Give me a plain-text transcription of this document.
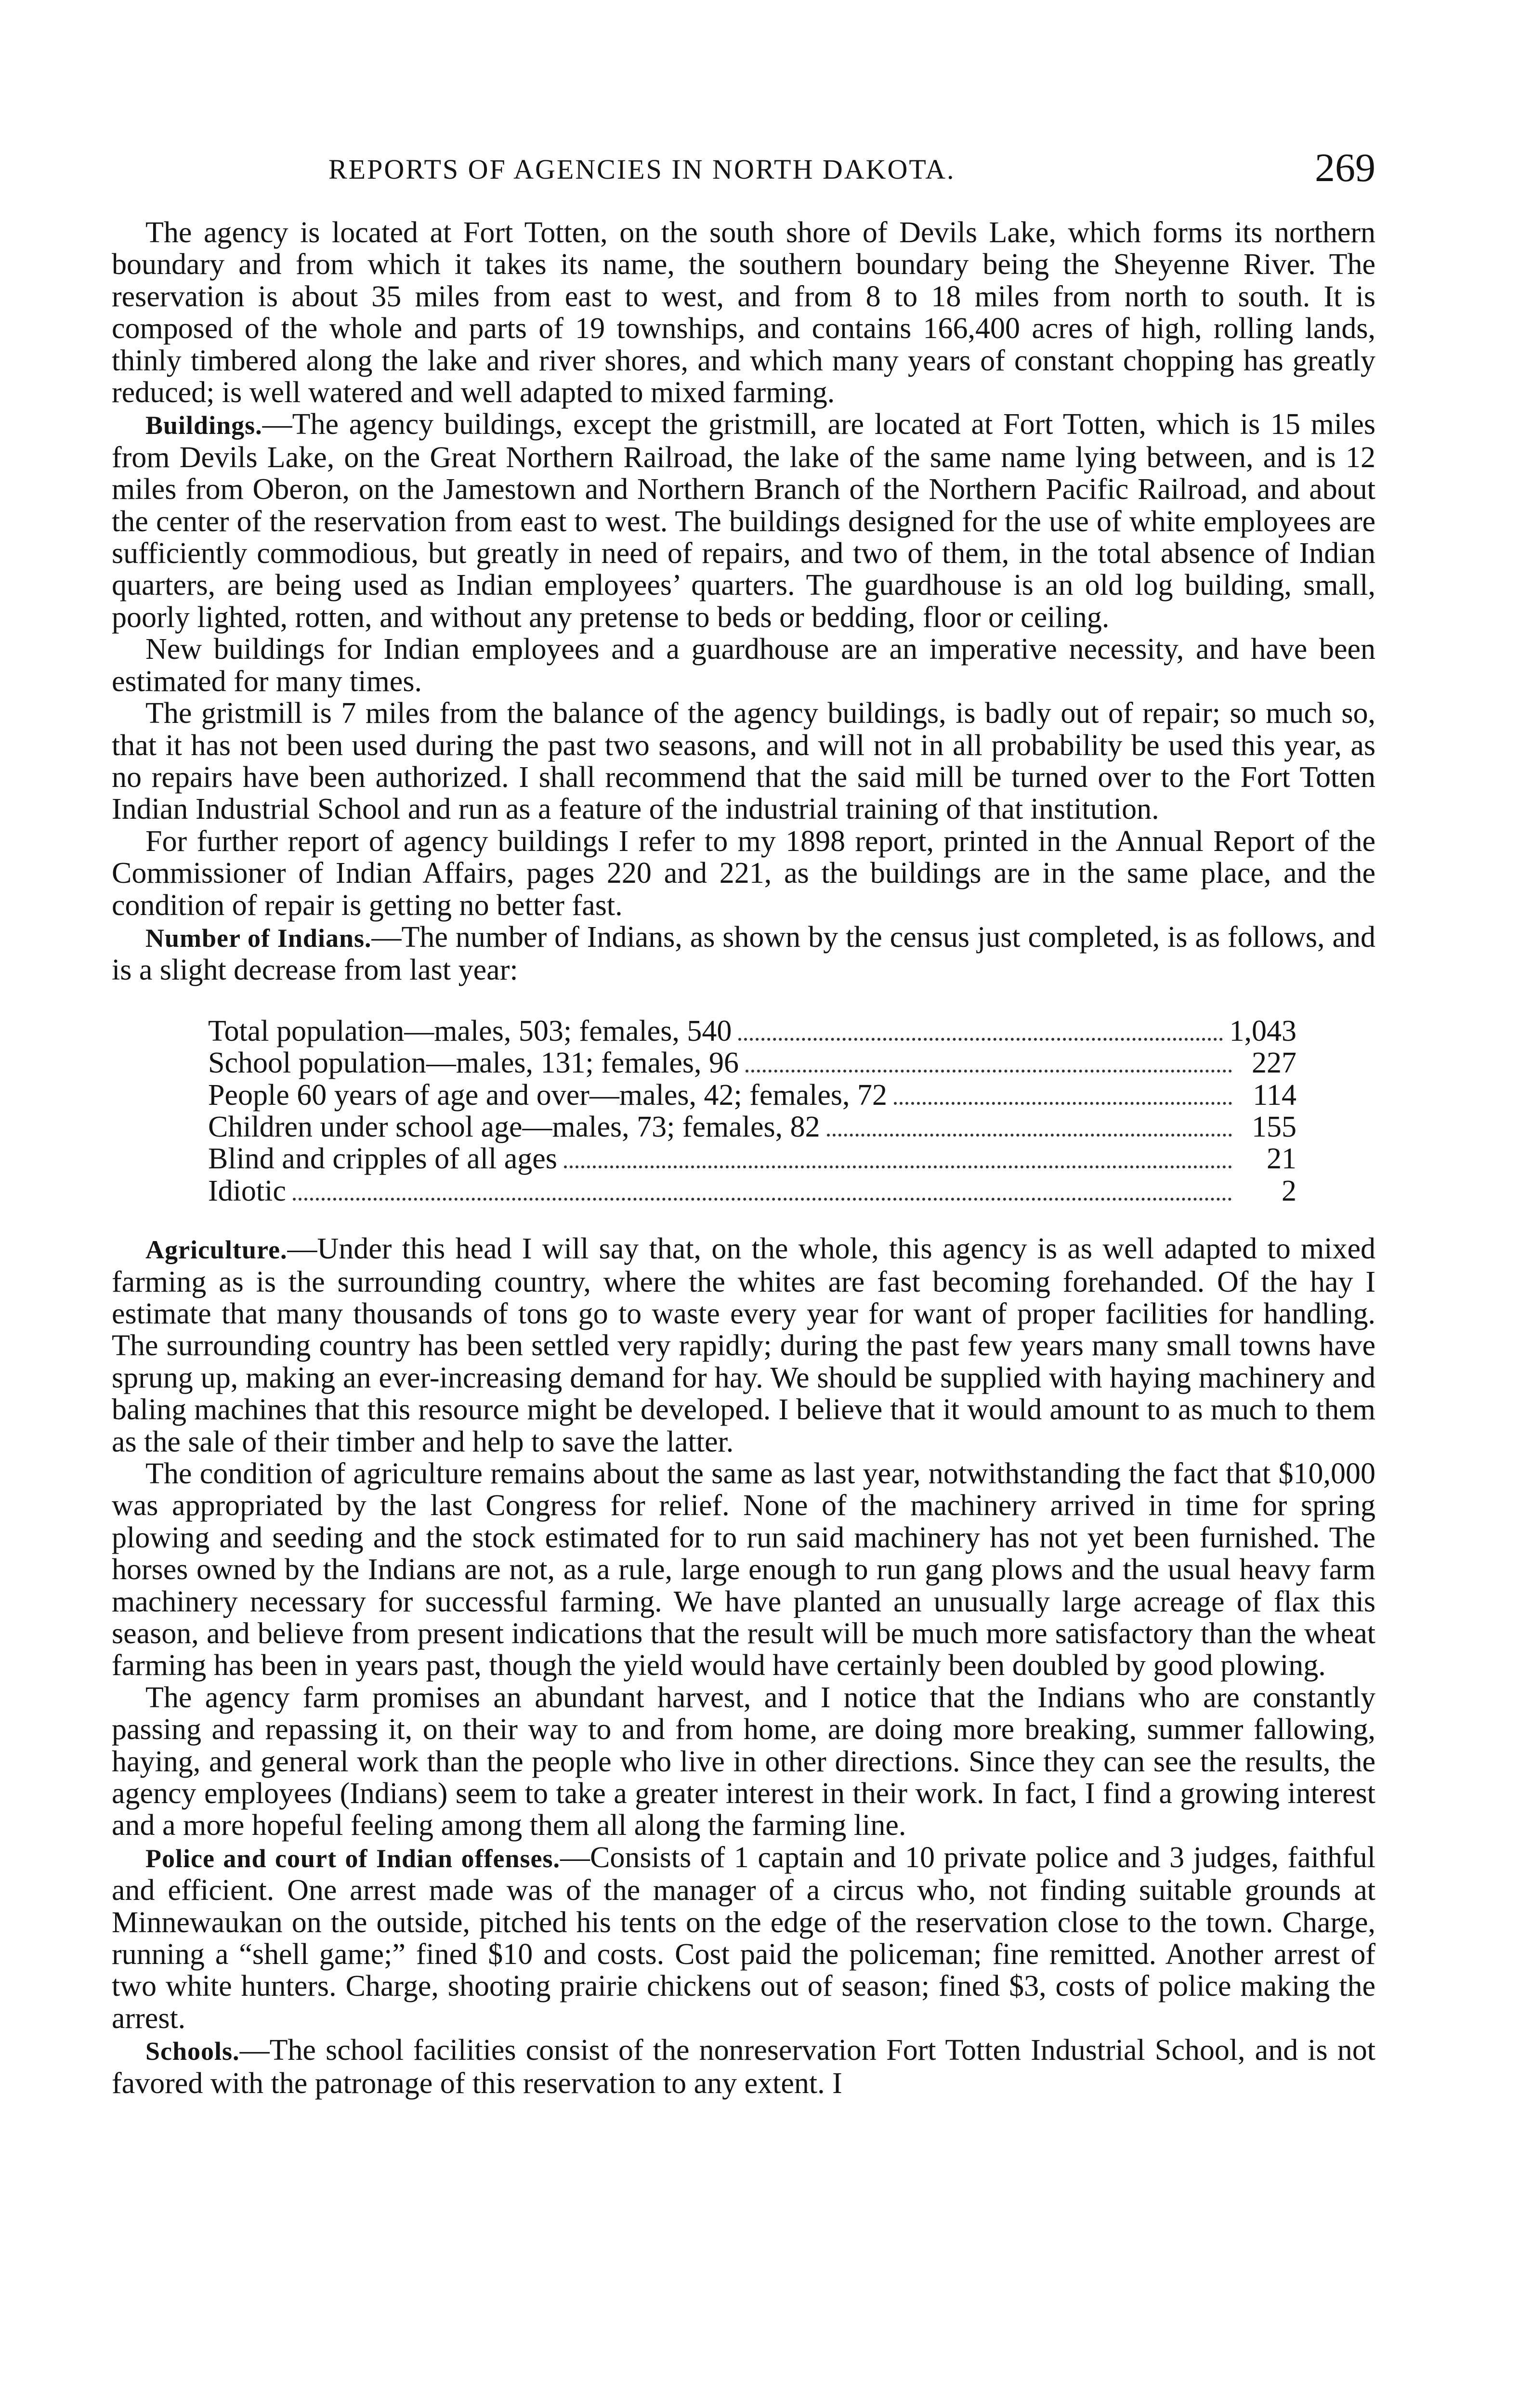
REPORTS OF AGENCIES IN NORTH DAKOTA.	269

The agency is located at Fort Totten, on the south shore of Devils Lake, which forms its northern boundary and from which it takes its name, the southern boundary being the Sheyenne River. The reservation is about 35 miles from east to west, and from 8 to 18 miles from north to south. It is composed of the whole and parts of 19 townships, and contains 166,400 acres of high, rolling lands, thinly timbered along the lake and river shores, and which many years of constant chopping has greatly reduced; is well watered and well adapted to mixed farming.

Buildings.—The agency buildings, except the gristmill, are located at Fort Totten, which is 15 miles from Devils Lake, on the Great Northern Railroad, the lake of the same name lying between, and is 12 miles from Oberon, on the Jamestown and Northern Branch of the Northern Pacific Railroad, and about the center of the reservation from east to west. The buildings designed for the use of white employees are sufficiently commodious, but greatly in need of repairs, and two of them, in the total absence of Indian quarters, are being used as Indian employees’ quarters. The guardhouse is an old log building, small, poorly lighted, rotten, and without any pretense to beds or bedding, floor or ceiling.

New buildings for Indian employees and a guardhouse are an imperative necessity, and have been estimated for many times.

The gristmill is 7 miles from the balance of the agency buildings, is badly out of repair; so much so, that it has not been used during the past two seasons, and will not in all probability be used this year, as no repairs have been authorized. I shall recommend that the said mill be turned over to the Fort Totten Indian Industrial School and run as a feature of the industrial training of that institution.

For further report of agency buildings I refer to my 1898 report, printed in the Annual Report of the Commissioner of Indian Affairs, pages 220 and 221, as the buildings are in the same place, and the condition of repair is getting no better fast.

Number of Indians.—The number of Indians, as shown by the census just completed, is as follows, and is a slight decrease from last year:

Total population—males, 503; females, 540	1,043
School population—males, 131; females, 96	227
People 60 years of age and over—males, 42; females, 72	114
Children under school age—males, 73; females, 82	155
Blind and cripples of all ages	21
Idiotic	2

Agriculture.—Under this head I will say that, on the whole, this agency is as well adapted to mixed farming as is the surrounding country, where the whites are fast becoming forehanded. Of the hay I estimate that many thousands of tons go to waste every year for want of proper facilities for handling. The surrounding country has been settled very rapidly; during the past few years many small towns have sprung up, making an ever-increasing demand for hay. We should be supplied with haying machinery and baling machines that this resource might be developed. I believe that it would amount to as much to them as the sale of their timber and help to save the latter.

The condition of agriculture remains about the same as last year, notwithstanding the fact that $10,000 was appropriated by the last Congress for relief. None of the machinery arrived in time for spring plowing and seeding and the stock estimated for to run said machinery has not yet been furnished. The horses owned by the Indians are not, as a rule, large enough to run gang plows and the usual heavy farm machinery necessary for successful farming. We have planted an unusually large acreage of flax this season, and believe from present indications that the result will be much more satisfactory than the wheat farming has been in years past, though the yield would have certainly been doubled by good plowing.

The agency farm promises an abundant harvest, and I notice that the Indians who are constantly passing and repassing it, on their way to and from home, are doing more breaking, summer fallowing, haying, and general work than the people who live in other directions. Since they can see the results, the agency employees (Indians) seem to take a greater interest in their work. In fact, I find a growing interest and a more hopeful feeling among them all along the farming line.

Police and court of Indian offenses.—Consists of 1 captain and 10 private police and 3 judges, faithful and efficient. One arrest made was of the manager of a circus who, not finding suitable grounds at Minnewaukan on the outside, pitched his tents on the edge of the reservation close to the town. Charge, running a “shell game;” fined $10 and costs. Cost paid the policeman; fine remitted. Another arrest of two white hunters. Charge, shooting prairie chickens out of season; fined $3, costs of police making the arrest.

Schools.—The school facilities consist of the nonreservation Fort Totten Industrial School, and is not favored with the patronage of this reservation to any extent. I
